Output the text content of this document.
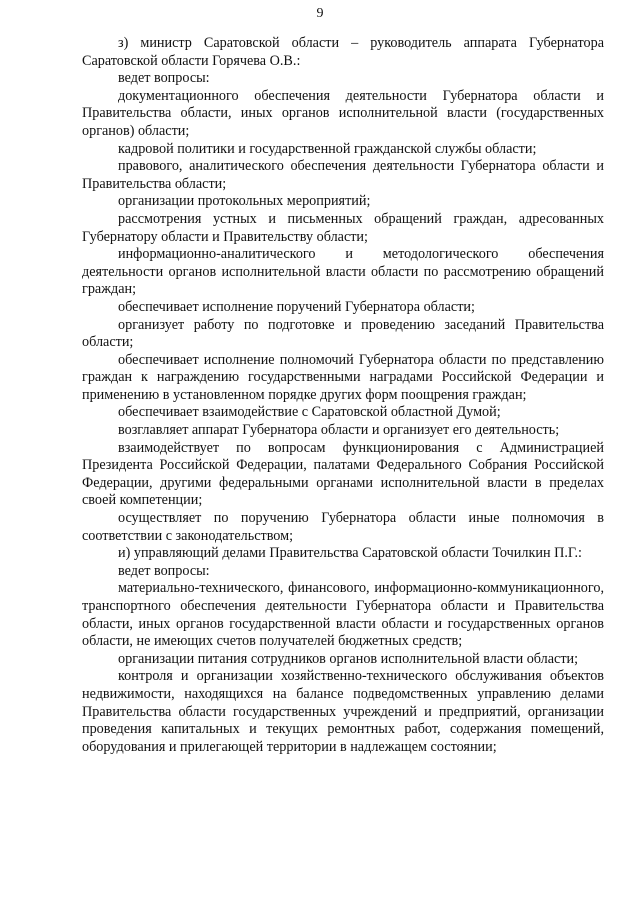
9

з) министр Саратовской области – руководитель аппарата Губернатора Саратовской области Горячева О.В.:

ведет вопросы:

документационного обеспечения деятельности Губернатора области и Правительства области, иных органов исполнительной власти (государственных органов) области;

кадровой политики и государственной гражданской службы области;

правового, аналитического обеспечения деятельности Губернатора области и Правительства области;

организации протокольных мероприятий;

рассмотрения устных и письменных обращений граждан, адресованных Губернатору области и Правительству области;

информационно-аналитического и методологического обеспечения деятельности органов исполнительной власти области по рассмотрению обращений граждан;

обеспечивает исполнение поручений Губернатора области;

организует работу по подготовке и проведению заседаний Правительства области;

обеспечивает исполнение полномочий Губернатора области по представлению граждан к награждению государственными наградами Российской Федерации и применению в установленном порядке других форм поощрения граждан;

обеспечивает взаимодействие с Саратовской областной Думой;

возглавляет аппарат Губернатора области и организует его деятельность;

взаимодействует по вопросам функционирования с Администрацией Президента Российской Федерации, палатами Федерального Собрания Российской Федерации, другими федеральными органами исполнительной власти в пределах своей компетенции;

осуществляет по поручению Губернатора области иные полномочия в соответствии с законодательством;

и) управляющий делами Правительства Саратовской области Точилкин П.Г.:

ведет вопросы:

материально-технического, финансового, информационно-коммуникационного, транспортного обеспечения деятельности Губернатора области и Правительства области, иных органов государственной власти области и государственных органов области, не имеющих счетов получателей бюджетных средств;

организации питания сотрудников органов исполнительной власти области;

контроля и организации хозяйственно-технического обслуживания объектов недвижимости, находящихся на балансе подведомственных управлению делами Правительства области государственных учреждений и предприятий, организации проведения капитальных и текущих ремонтных работ, содержания помещений, оборудования и прилегающей территории в надлежащем состоянии;
